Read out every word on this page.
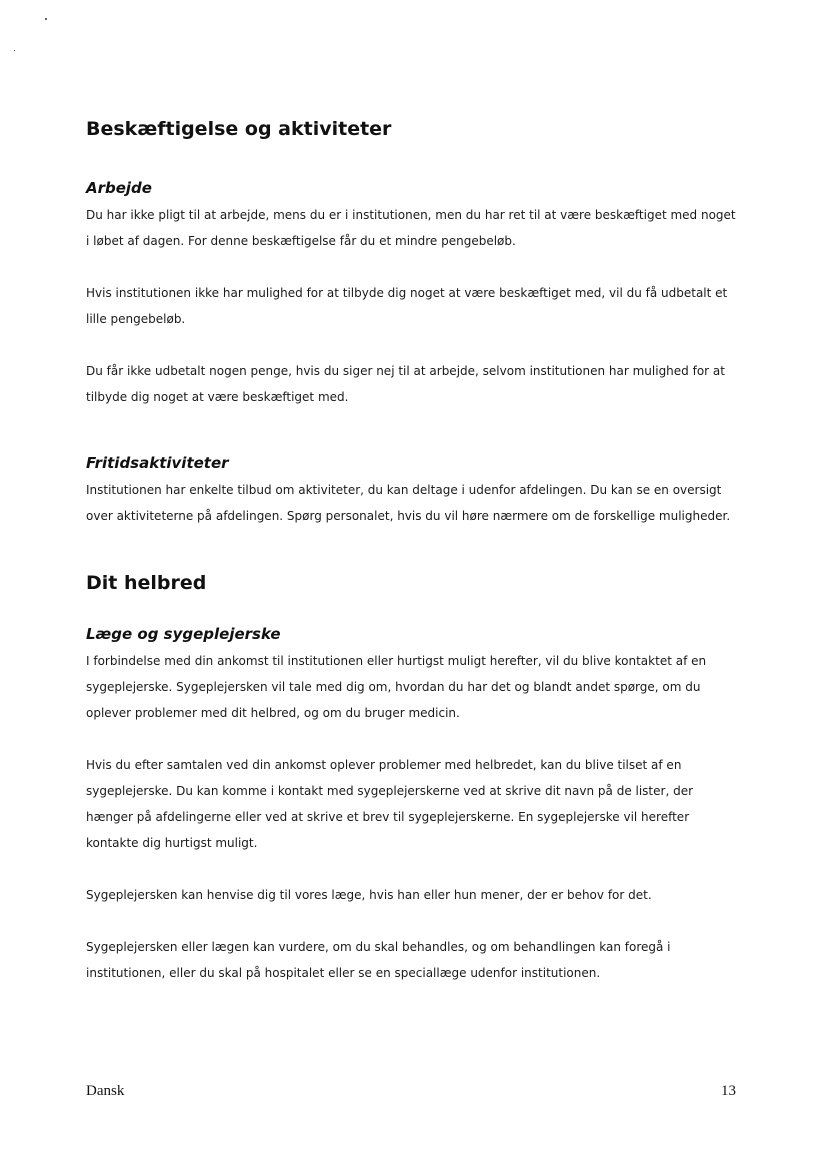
Beskæftigelse og aktiviteter
Arbejde

Du har ikke pligt til at arbejde, mens du er i institutionen, men du har ret til at være beskæftiget med noget i løbet af dagen. For denne beskæftigelse får du et mindre pengebeløb.

Hvis institutionen ikke har mulighed for at tilbyde dig noget at være beskæftiget med, vil du få udbetalt et lille pengebeløb.

Du får ikke udbetalt nogen penge, hvis du siger nej til at arbejde, selvom institutionen har mulighed for at tilbyde dig noget at være beskæftiget med.

Fritidsaktiviteter

Institutionen har enkelte tilbud om aktiviteter, du kan deltage i udenfor afdelingen. Du kan se en oversigt over aktiviteterne på afdelingen. Spørg personalet, hvis du vil høre nærmere om de forskellige muligheder.

Dit helbred
Læge og sygeplejerske

I forbindelse med din ankomst til institutionen eller hurtigst muligt herefter, vil du blive kontaktet af en sygeplejerske. Sygeplejersken vil tale med dig om, hvordan du har det og blandt andet spørge, om du oplever problemer med dit helbred, og om du bruger medicin.

Hvis du efter samtalen ved din ankomst oplever problemer med helbredet, kan du blive tilset af en sygeplejerske. Du kan komme i kontakt med sygeplejerskerne ved at skrive dit navn på de lister, der hænger på afdelingerne eller ved at skrive et brev til sygeplejerskerne. En sygeplejerske vil herefter kontakte dig hurtigst muligt.

Sygeplejersken kan henvise dig til vores læge, hvis han eller hun mener, der er behov for det.

Sygeplejersken eller lægen kan vurdere, om du skal behandles, og om behandlingen kan foregå i institutionen, eller du skal på hospitalet eller se en speciallæge udenfor institutionen.

Dansk	13
